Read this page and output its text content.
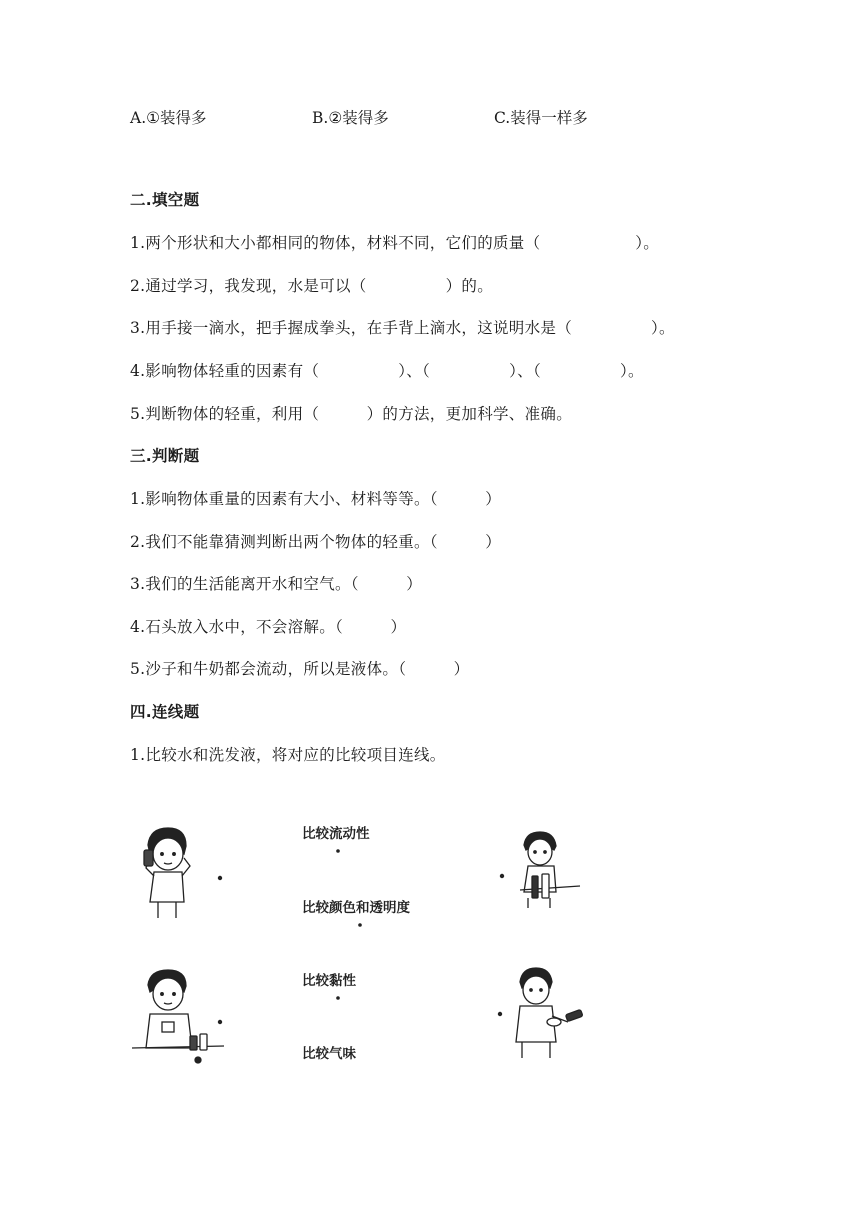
A.①装得多	B.②装得多	C.装得一样多
二.填空题
1.两个形状和大小都相同的物体，材料不同，它们的质量（　　　　　　）。
2.通过学习，我发现，水是可以（　　　　　）的。
3.用手接一滴水，把手握成拳头，在手背上滴水，这说明水是（　　　　　）。
4.影响物体轻重的因素有（　　　　　）、（　　　　　）、（　　　　　）。
5.判断物体的轻重，利用（　　　）的方法，更加科学、准确。
三.判断题
1.影响物体重量的因素有大小、材料等等。（　　　）
2.我们不能靠猜测判断出两个物体的轻重。（　　　）
3.我们的生活能离开水和空气。（　　　）
4.石头放入水中，不会溶解。（　　　）
5.沙子和牛奶都会流动，所以是液体。（　　　）
四.连线题
1.比较水和洗发液，将对应的比较项目连线。
比较流动性
比较颜色和透明度
比较黏性
比较气味
